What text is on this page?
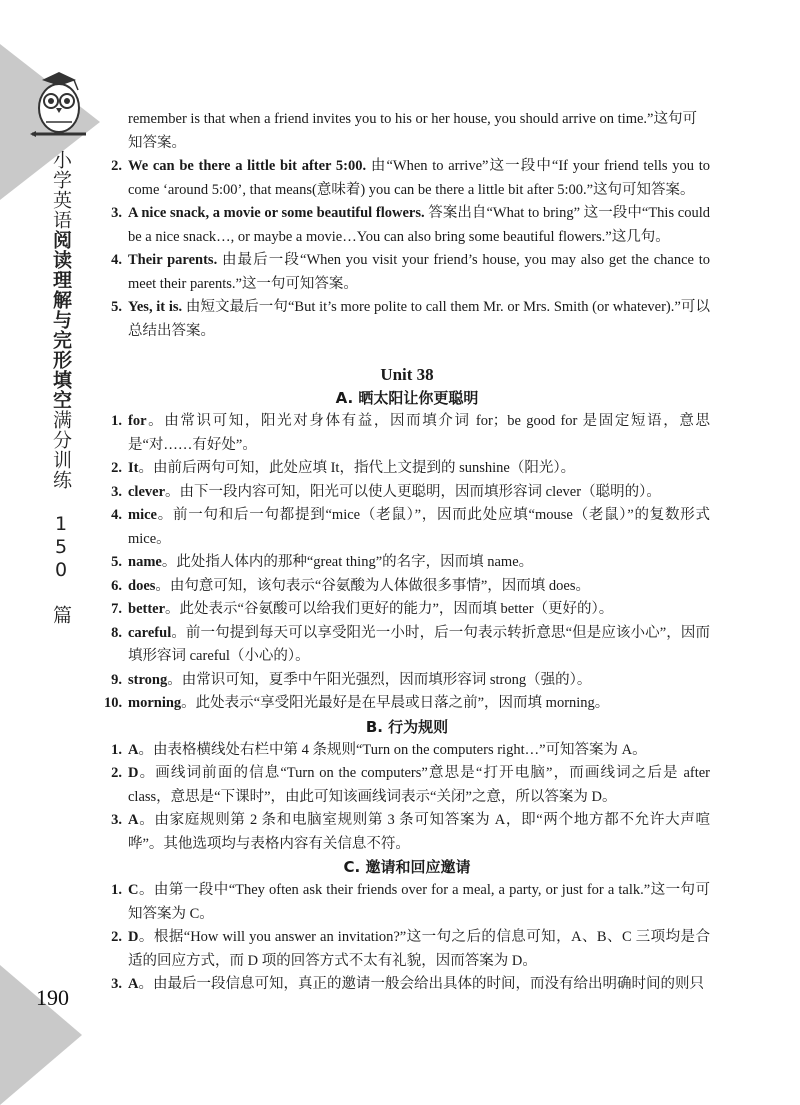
小学英语阅读理解与完形填空满分训练 150 篇
190
remember is that when a friend invites you to his or her house, you should arrive on time.”这句可知答案。
2. We can be there a little bit after 5:00. 由“When to arrive”这一段中“If your friend tells you to come ‘around 5:00’, that means(意味着) you can be there a little bit after 5:00.”这句可知答案。
3. A nice snack, a movie or some beautiful flowers. 答案出自“What to bring” 这一段中“This could be a nice snack…, or maybe a movie…You can also bring some beautiful flowers.”这几句。
4. Their parents. 由最后一段“When you visit your friend’s house, you may also get the chance to meet their parents.”这一句可知答案。
5. Yes, it is. 由短文最后一句“But it’s more polite to call them Mr. or Mrs. Smith (or whatever).”可以总结出答案。
Unit 38
A. 晒太阳让你更聪明
1. for。由常识可知，阳光对身体有益，因而填介词 for；be good for 是固定短语，意思是“对……有好处”。
2. It。由前后两句可知，此处应填 It，指代上文提到的 sunshine（阳光）。
3. clever。由下一段内容可知，阳光可以使人更聪明，因而填形容词 clever（聪明的）。
4. mice。前一句和后一句都提到“mice（老鼠）”，因而此处应填“mouse（老鼠）”的复数形式 mice。
5. name。此处指人体内的那种“great thing”的名字，因而填 name。
6. does。由句意可知，该句表示“谷氨酸为人体做很多事情”，因而填 does。
7. better。此处表示“谷氨酸可以给我们更好的能力”，因而填 better（更好的）。
8. careful。前一句提到每天可以享受阳光一小时，后一句表示转折意思“但是应该小心”，因而填形容词 careful（小心的）。
9. strong。由常识可知，夏季中午阳光强烈，因而填形容词 strong（强的）。
10. morning。此处表示“享受阳光最好是在早晨或日落之前”，因而填 morning。
B. 行为规则
1. A。由表格横线处右栏中第 4 条规则“Turn on the computers right…”可知答案为 A。
2. D。画线词前面的信息“Turn on the computers”意思是“打开电脑”，而画线词之后是 after class，意思是“下课时”，由此可知该画线词表示“关闭”之意，所以答案为 D。
3. A。由家庭规则第 2 条和电脑室规则第 3 条可知答案为 A，即“两个地方都不允许大声喧哗”。其他选项均与表格内容有关信息不符。
C. 邀请和回应邀请
1. C。由第一段中“They often ask their friends over for a meal, a party, or just for a talk.”这一句可知答案为 C。
2. D。根据“How will you answer an invitation?”这一句之后的信息可知，A、B、C 三项均是合适的回应方式，而 D 项的回答方式不太有礼貌，因而答案为 D。
3. A。由最后一段信息可知，真正的邀请一般会给出具体的时间，而没有给出明确时间的则只
